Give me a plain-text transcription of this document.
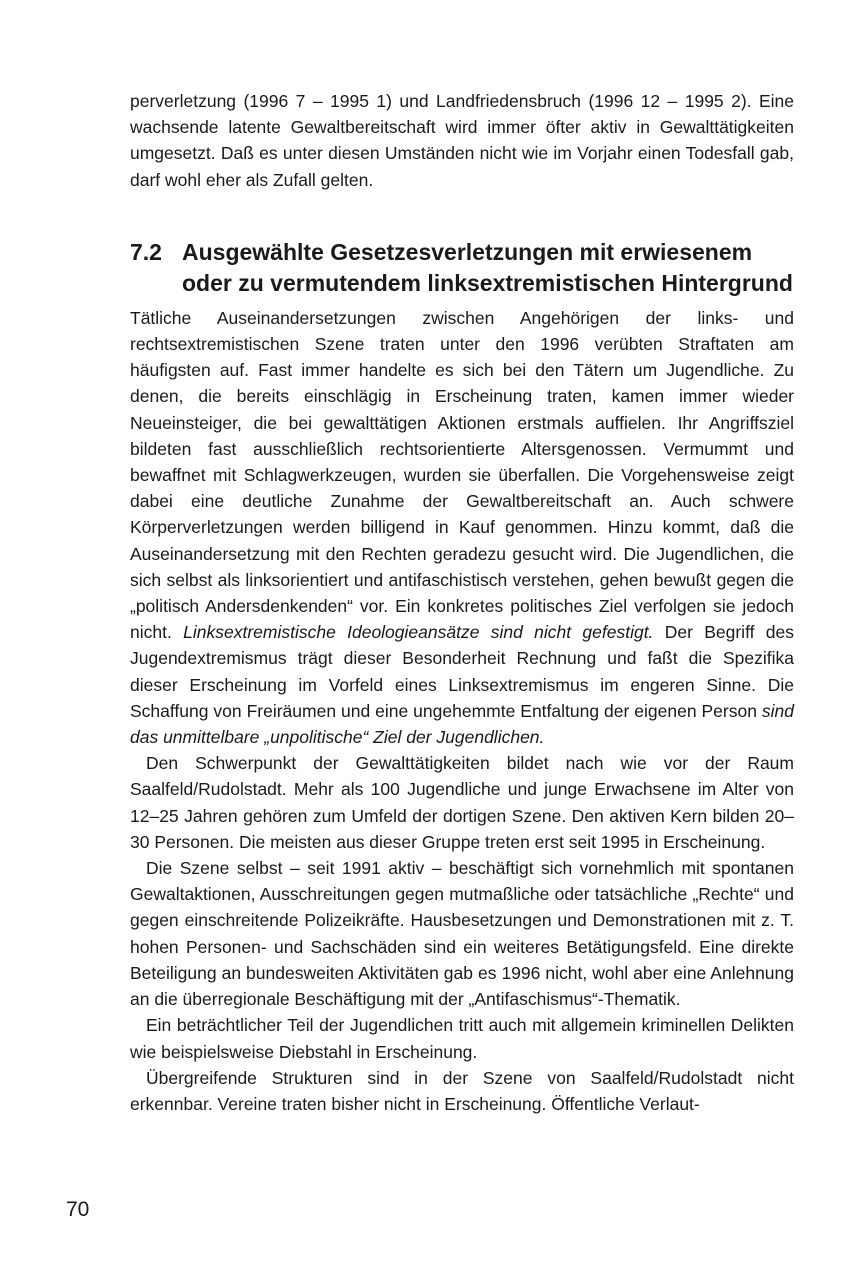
perverletzung (1996 7 – 1995 1) und Landfriedensbruch (1996 12 – 1995 2). Eine wachsende latente Gewaltbereitschaft wird immer öfter aktiv in Gewalttätigkeiten umgesetzt. Daß es unter diesen Umständen nicht wie im Vorjahr einen Todesfall gab, darf wohl eher als Zufall gelten.

7.2 Ausgewählte Gesetzesverletzungen mit erwiesenem
oder zu vermutendem linksextremistischen Hintergrund

Tätliche Auseinandersetzungen zwischen Angehörigen der links- und rechtsextremistischen Szene traten unter den 1996 verübten Straftaten am häufigsten auf. Fast immer handelte es sich bei den Tätern um Jugendliche. Zu denen, die bereits einschlägig in Erscheinung traten, kamen immer wieder Neueinsteiger, die bei gewalttätigen Aktionen erstmals auffielen. Ihr Angriffsziel bildeten fast ausschließlich rechtsorientierte Altersgenossen. Vermummt und bewaffnet mit Schlagwerkzeugen, wurden sie überfallen. Die Vorgehensweise zeigt dabei eine deutliche Zunahme der Gewaltbereitschaft an. Auch schwere Körperverletzungen werden billigend in Kauf genommen. Hinzu kommt, daß die Auseinandersetzung mit den Rechten geradezu gesucht wird. Die Jugendlichen, die sich selbst als linksorientiert und antifaschistisch verstehen, gehen bewußt gegen die „politisch Andersdenkenden“ vor. Ein konkretes politisches Ziel verfolgen sie jedoch nicht. Linksextremistische Ideologieansätze sind nicht gefestigt. Der Begriff des Jugendextremismus trägt dieser Besonderheit Rechnung und faßt die Spezifika dieser Erscheinung im Vorfeld eines Linksextremismus im engeren Sinne. Die Schaffung von Freiräumen und eine ungehemmte Entfaltung der eigenen Person sind das unmittelbare „unpolitische“ Ziel der Jugendlichen.

Den Schwerpunkt der Gewalttätigkeiten bildet nach wie vor der Raum Saalfeld/Rudolstadt. Mehr als 100 Jugendliche und junge Erwachsene im Alter von 12–25 Jahren gehören zum Umfeld der dortigen Szene. Den aktiven Kern bilden 20–30 Personen. Die meisten aus dieser Gruppe treten erst seit 1995 in Erscheinung.

Die Szene selbst – seit 1991 aktiv – beschäftigt sich vornehmlich mit spontanen Gewaltaktionen, Ausschreitungen gegen mutmaßliche oder tatsächliche „Rechte“ und gegen einschreitende Polizeikräfte. Hausbesetzungen und Demonstrationen mit z. T. hohen Personen- und Sachschäden sind ein weiteres Betätigungsfeld. Eine direkte Beteiligung an bundesweiten Aktivitäten gab es 1996 nicht, wohl aber eine Anlehnung an die überregionale Beschäftigung mit der „Antifaschismus“-Thematik.

Ein beträchtlicher Teil der Jugendlichen tritt auch mit allgemein kriminellen Delikten wie beispielsweise Diebstahl in Erscheinung.

Übergreifende Strukturen sind in der Szene von Saalfeld/Rudolstadt nicht erkennbar. Vereine traten bisher nicht in Erscheinung. Öffentliche Verlaut-

70
